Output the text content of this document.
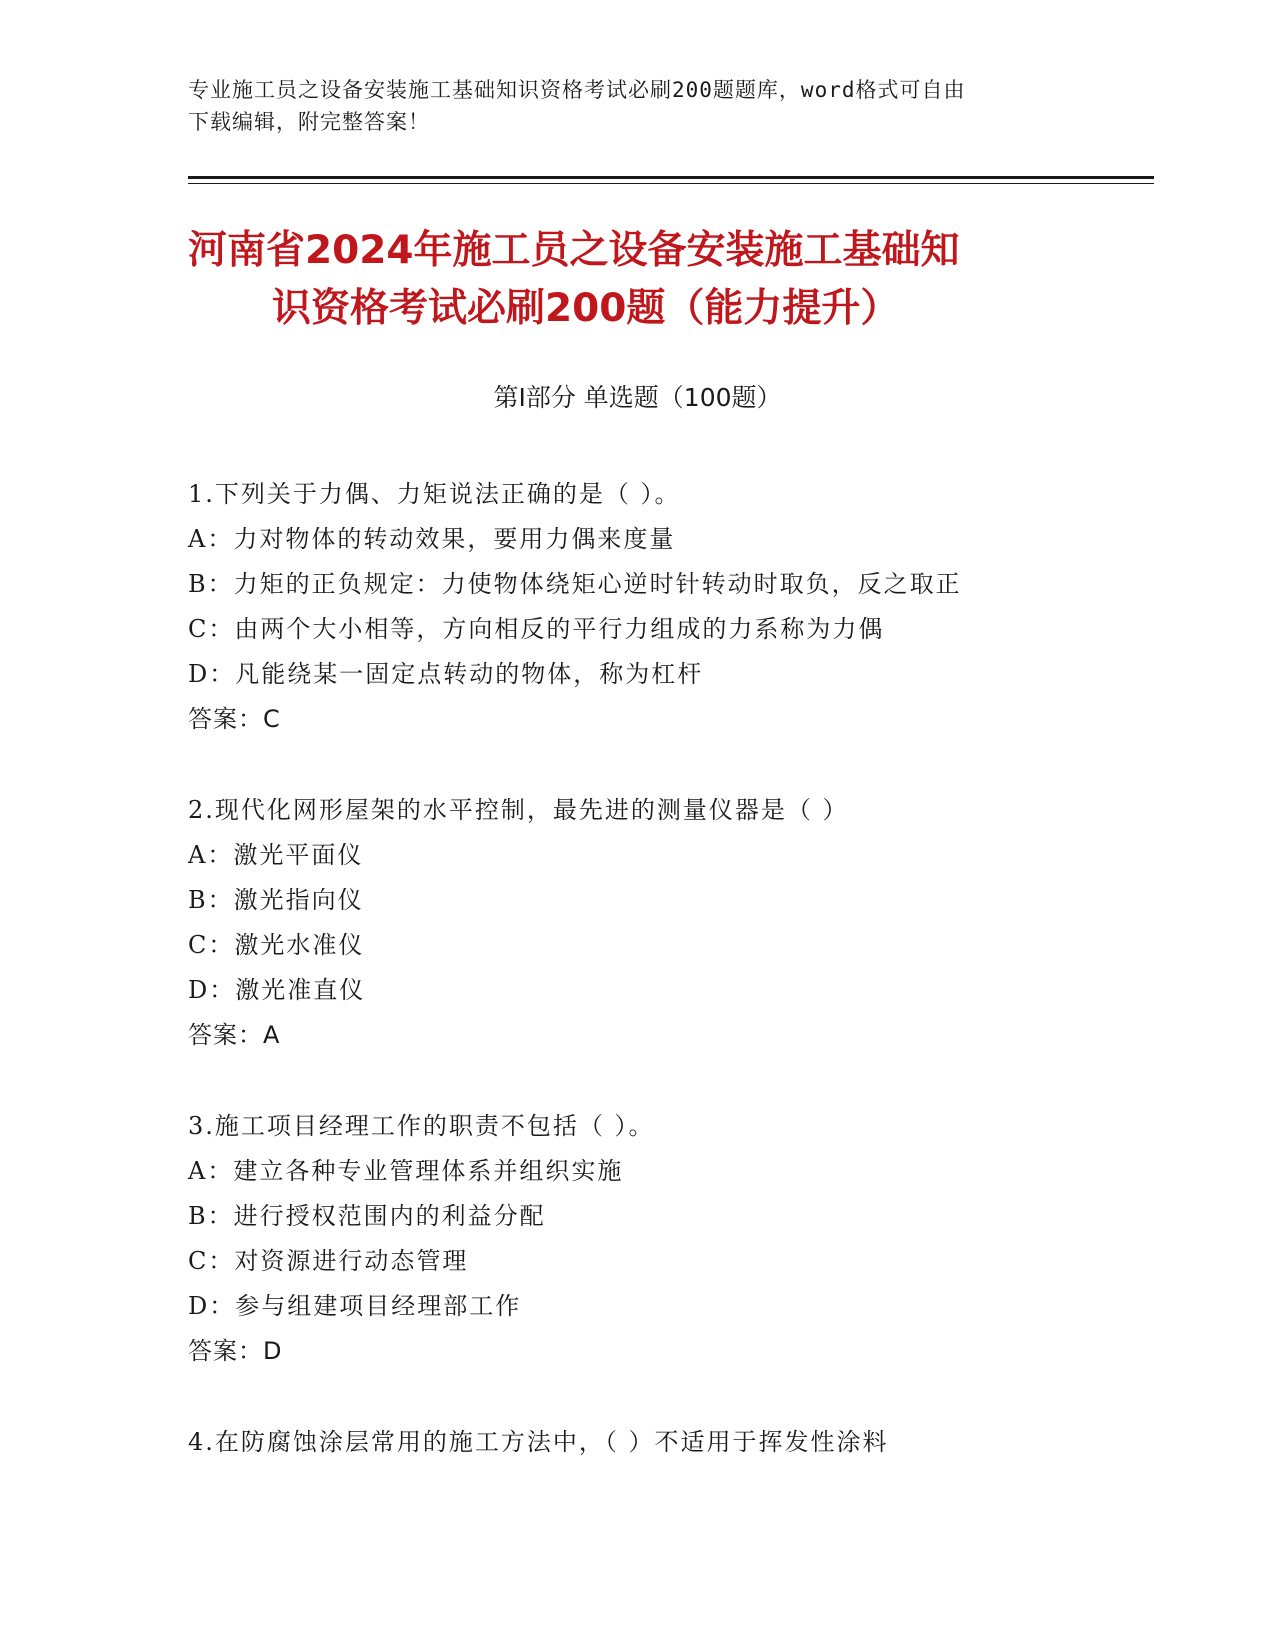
专业施工员之设备安装施工基础知识资格考试必刷200题题库，word格式可自由
下载编辑，附完整答案！
河南省2024年施工员之设备安装施工基础知
识资格考试必刷200题（能力提升）
第Ⅰ部分 单选题（100题）
1.下列关于力偶、力矩说法正确的是（ ）。
A：力对物体的转动效果，要用力偶来度量
B：力矩的正负规定：力使物体绕矩心逆时针转动时取负，反之取正
C：由两个大小相等，方向相反的平行力组成的力系称为力偶
D：凡能绕某一固定点转动的物体，称为杠杆
答案：C
2.现代化网形屋架的水平控制，最先进的测量仪器是（ ）
A：激光平面仪
B：激光指向仪
C：激光水准仪
D：激光准直仪
答案：A
3.施工项目经理工作的职责不包括（ ）。
A：建立各种专业管理体系并组织实施
B：进行授权范围内的利益分配
C：对资源进行动态管理
D：参与组建项目经理部工作
答案：D
4.在防腐蚀涂层常用的施工方法中，（ ）不适用于挥发性涂料
